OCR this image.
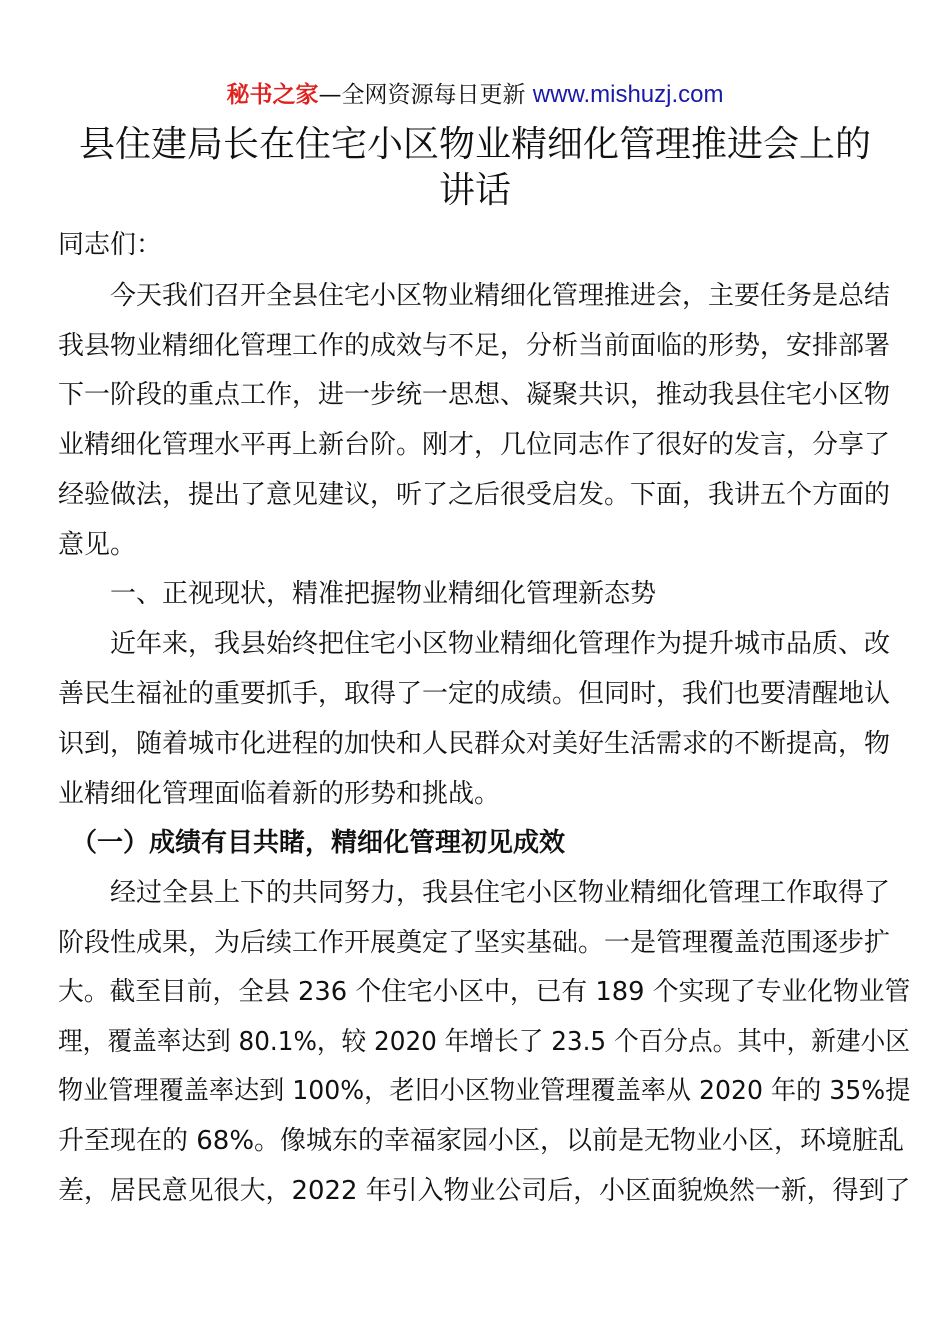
秘书之家—全网资源每日更新 www.mishuzj.com
县住建局长在住宅小区物业精细化管理推进会上的
讲话
同志们：
　　今天我们召开全县住宅小区物业精细化管理推进会，主要任务是总结
我县物业精细化管理工作的成效与不足，分析当前面临的形势，安排部署
下一阶段的重点工作，进一步统一思想、凝聚共识，推动我县住宅小区物
业精细化管理水平再上新台阶。刚才，几位同志作了很好的发言，分享了
经验做法，提出了意见建议，听了之后很受启发。下面，我讲五个方面的
意见。
　　一、正视现状，精准把握物业精细化管理新态势
　　近年来，我县始终把住宅小区物业精细化管理作为提升城市品质、改
善民生福祉的重要抓手，取得了一定的成绩。但同时，我们也要清醒地认
识到，随着城市化进程的加快和人民群众对美好生活需求的不断提高，物
业精细化管理面临着新的形势和挑战。
　（一）成绩有目共睹，精细化管理初见成效
　　经过全县上下的共同努力，我县住宅小区物业精细化管理工作取得了
阶段性成果，为后续工作开展奠定了坚实基础。一是管理覆盖范围逐步扩
大。截至目前，全县 236 个住宅小区中，已有 189 个实现了专业化物业管
理，覆盖率达到 80.1%，较 2020 年增长了 23.5 个百分点。其中，新建小区
物业管理覆盖率达到 100%，老旧小区物业管理覆盖率从 2020 年的 35%提
升至现在的 68%。像城东的幸福家园小区，以前是无物业小区，环境脏乱
差，居民意见很大，2022 年引入物业公司后，小区面貌焕然一新，得到了
